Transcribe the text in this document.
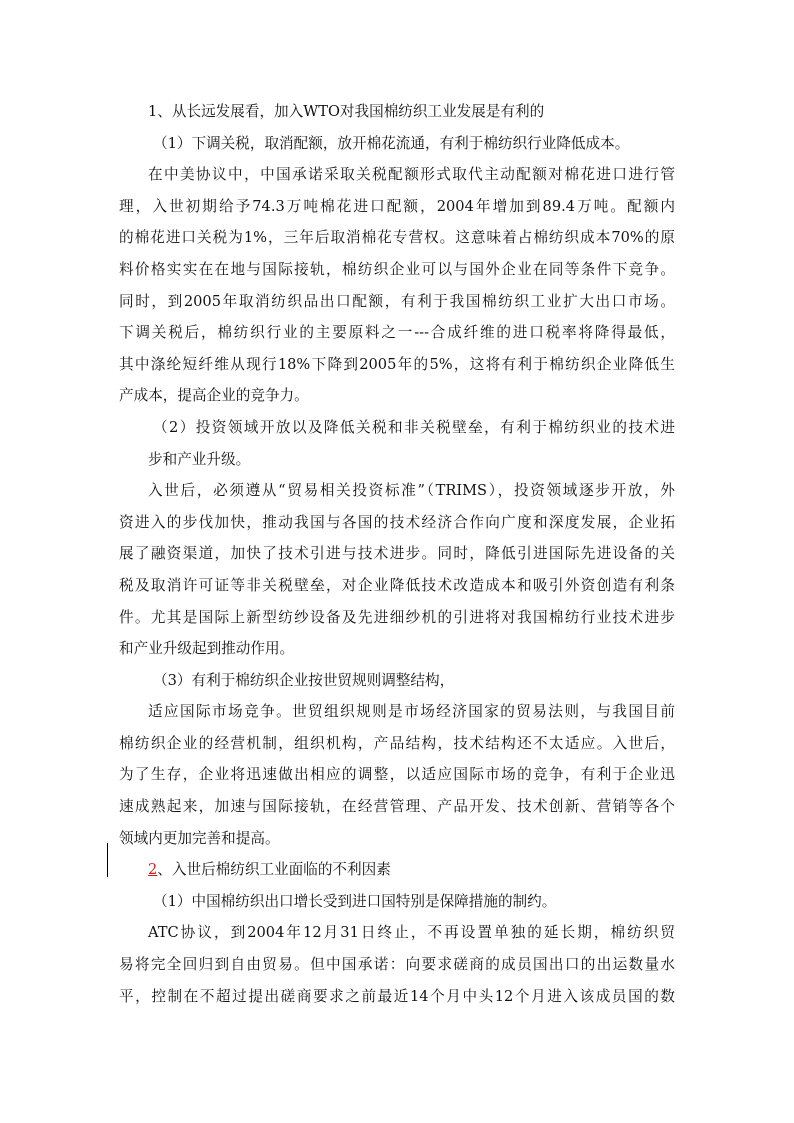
1、从长远发展看，加入WTO对我国棉纺织工业发展是有利的
（1）下调关税，取消配额，放开棉花流通，有利于棉纺织行业降低成本。
在中美协议中，中国承诺采取关税配额形式取代主动配额对棉花进口进行管
理，入世初期给予74.3万吨棉花进口配额，2004年增加到89.4万吨。配额内
的棉花进口关税为1%，三年后取消棉花专营权。这意味着占棉纺织成本70%的原
料价格实实在在地与国际接轨，棉纺织企业可以与国外企业在同等条件下竞争。
同时，到2005年取消纺织品出口配额，有利于我国棉纺织工业扩大出口市场。
下调关税后，棉纺织行业的主要原料之一---合成纤维的进口税率将降得最低，
其中涤纶短纤维从现行18%下降到2005年的5%，这将有利于棉纺织企业降低生
产成本，提高企业的竞争力。
（2）投资领域开放以及降低关税和非关税壁垒，有利于棉纺织业的技术进
步和产业升级。
入世后，必须遵从“贸易相关投资标准”（TRIMS），投资领域逐步开放，外
资进入的步伐加快，推动我国与各国的技术经济合作向广度和深度发展，企业拓
展了融资渠道，加快了技术引进与技术进步。同时，降低引进国际先进设备的关
税及取消许可证等非关税壁垒，对企业降低技术改造成本和吸引外资创造有利条
件。尤其是国际上新型纺纱设备及先进细纱机的引进将对我国棉纺行业技术进步
和产业升级起到推动作用。
（3）有利于棉纺织企业按世贸规则调整结构，
适应国际市场竞争。世贸组织规则是市场经济国家的贸易法则，与我国目前
棉纺织企业的经营机制，组织机构，产品结构，技术结构还不太适应。入世后，
为了生存，企业将迅速做出相应的调整，以适应国际市场的竞争，有利于企业迅
速成熟起来，加速与国际接轨，在经营管理、产品开发、技术创新、营销等各个
领域内更加完善和提高。
2、入世后棉纺织工业面临的不利因素
（1）中国棉纺织出口增长受到进口国特别是保障措施的制约。
ATC协议，到2004年12月31日终止，不再设置单独的延长期，棉纺织贸
易将完全回归到自由贸易。但中国承诺：向要求磋商的成员国出口的出运数量水
平，控制在不超过提出磋商要求之前最近14个月中头12个月进入该成员国的数
